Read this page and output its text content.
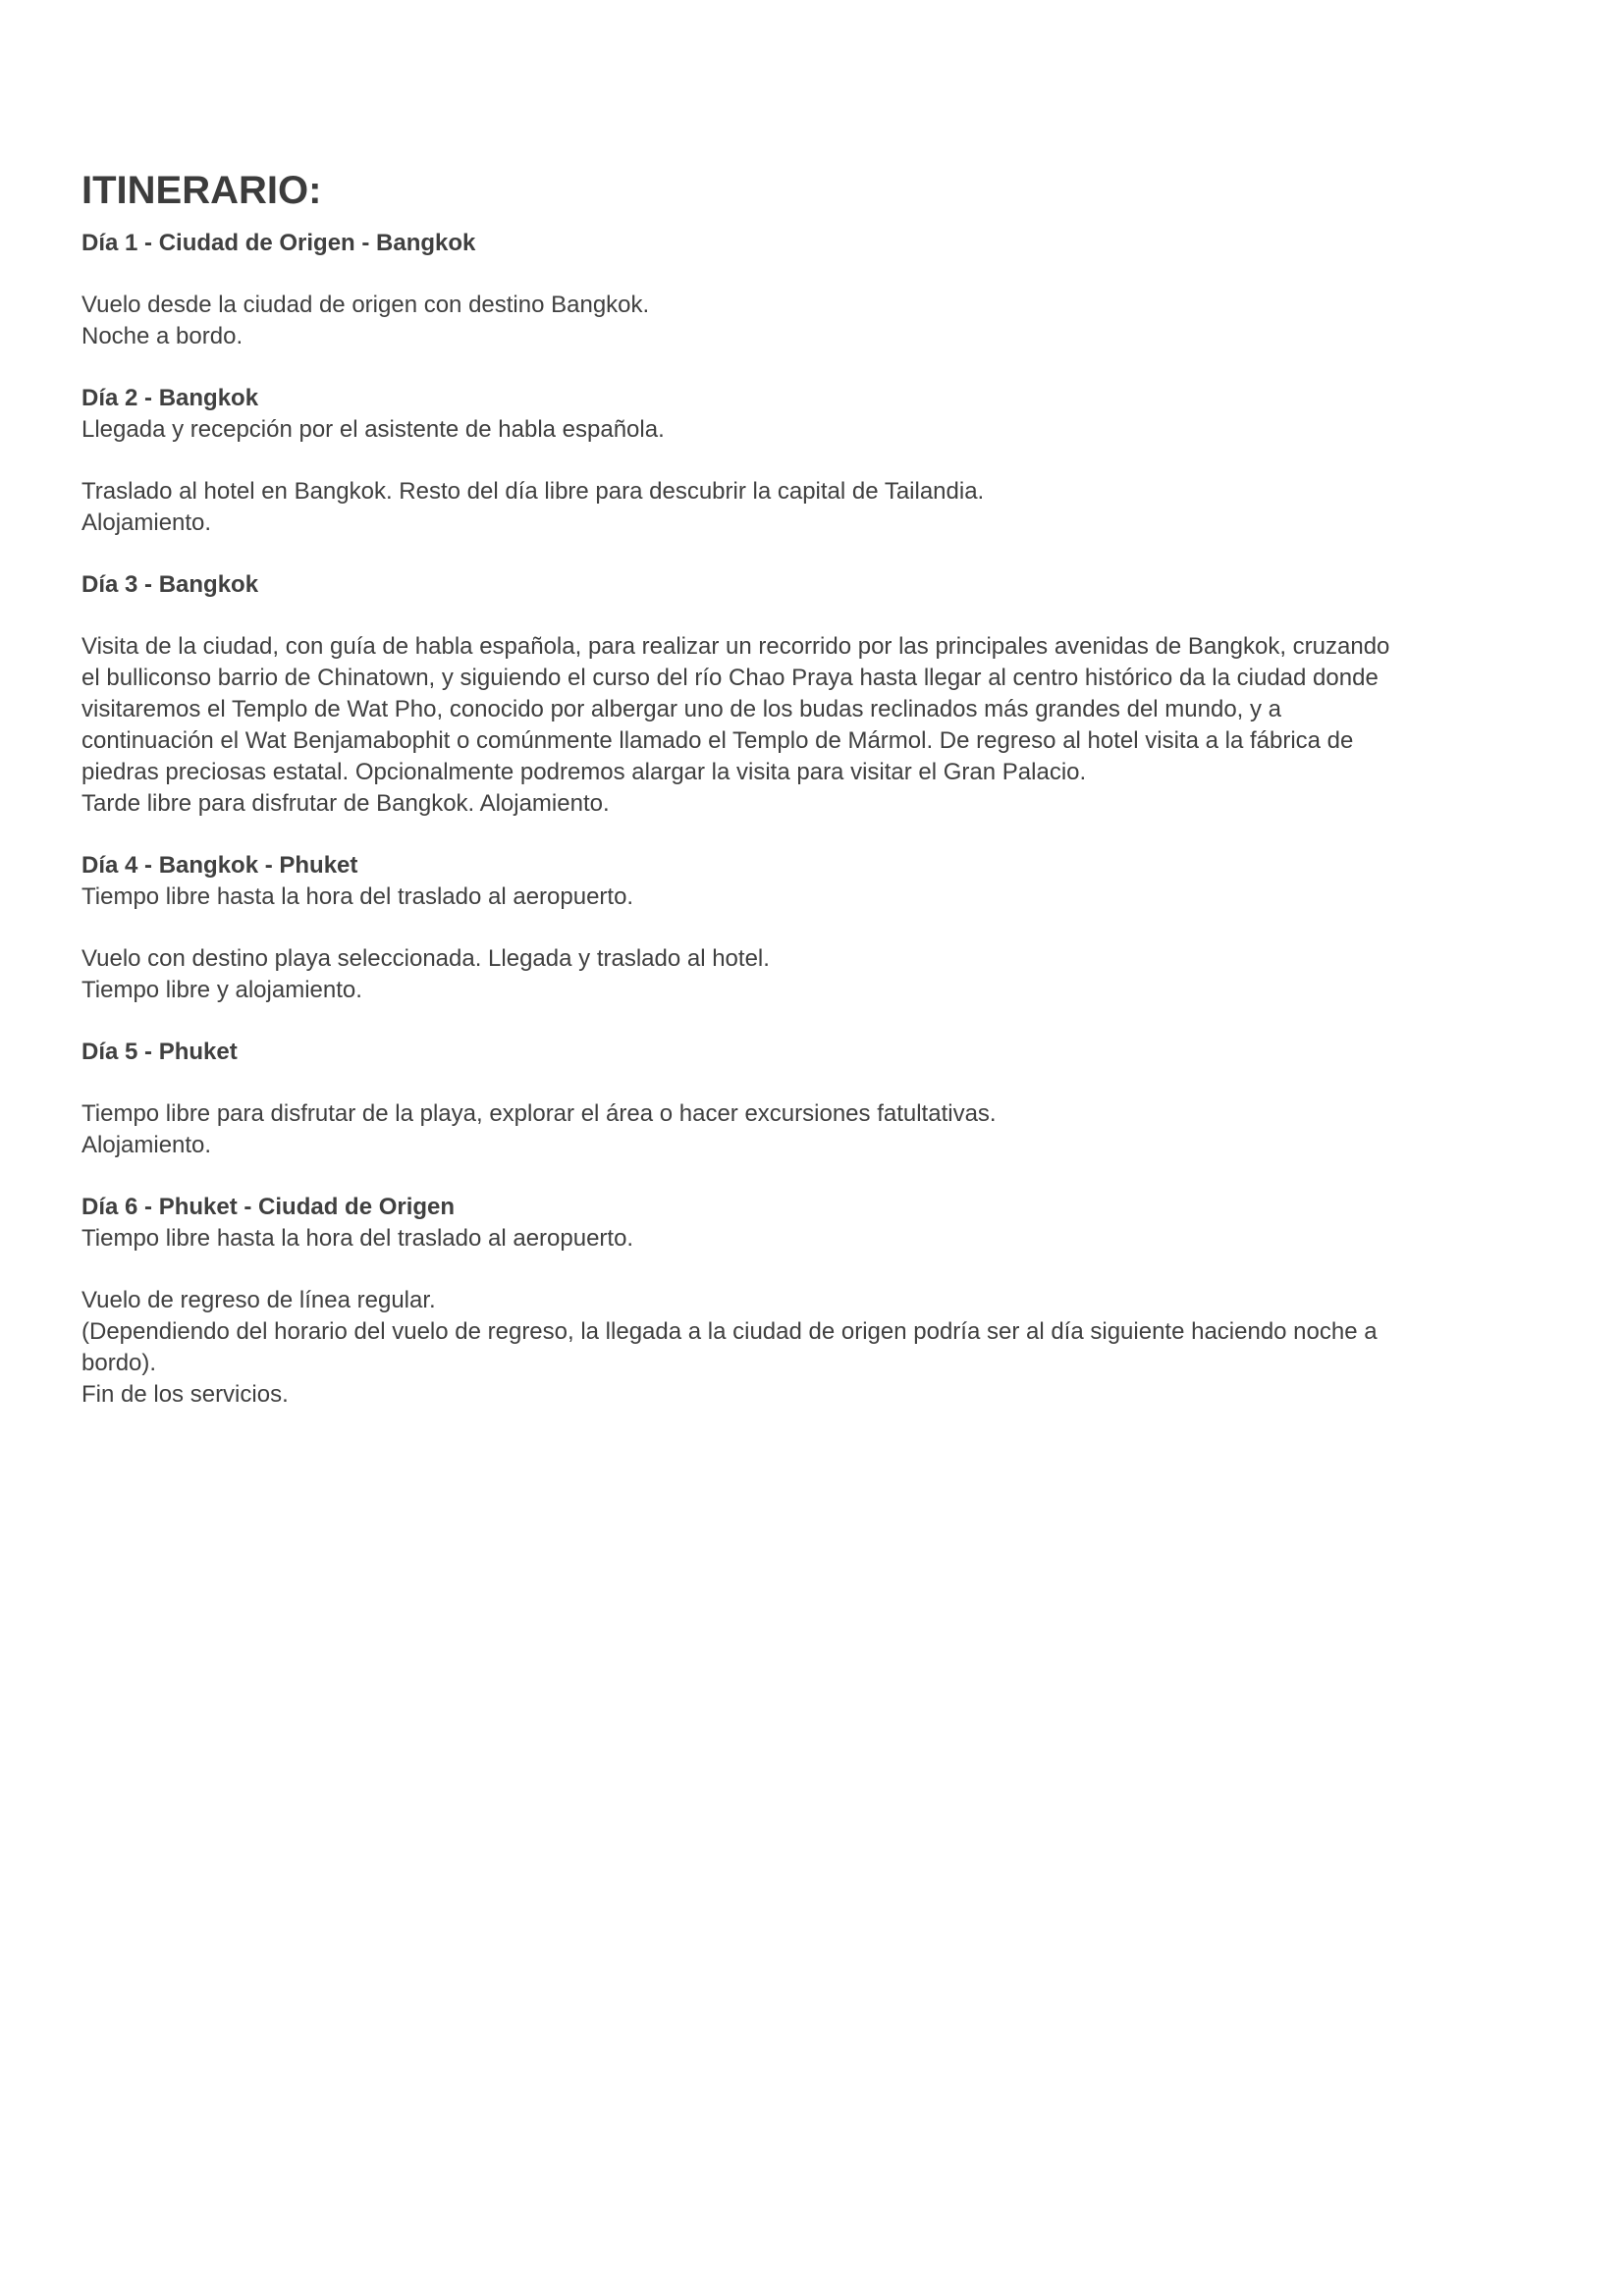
ITINERARIO:
Día 1 - Ciudad de Origen - Bangkok
Vuelo desde la ciudad de origen con destino Bangkok.
Noche a bordo.
Día 2 - Bangkok
Llegada y recepción por el asistente de habla española.
Traslado al hotel en Bangkok. Resto del día libre para descubrir la capital de Tailandia.
Alojamiento.
Día 3 - Bangkok
Visita de la ciudad, con guía de habla española, para realizar un recorrido por las principales avenidas de Bangkok, cruzando
el bulliconso barrio de Chinatown, y siguiendo el curso del río Chao Praya hasta llegar al centro histórico da la ciudad donde
visitaremos el Templo de Wat Pho, conocido por albergar uno de los budas reclinados más grandes del mundo, y a
continuación el Wat Benjamabophit o comúnmente llamado el Templo de Mármol. De regreso al hotel visita a la fábrica de
piedras preciosas estatal. Opcionalmente podremos alargar la visita para visitar el Gran Palacio.
Tarde libre para disfrutar de Bangkok. Alojamiento.
Día 4 - Bangkok - Phuket
Tiempo libre hasta la hora del traslado al aeropuerto.
Vuelo con destino playa seleccionada. Llegada y traslado al hotel.
Tiempo libre y alojamiento.
Día 5 - Phuket
Tiempo libre para disfrutar de la playa, explorar el área o hacer excursiones fatultativas.
Alojamiento.
Día 6 - Phuket - Ciudad de Origen
Tiempo libre hasta la hora del traslado al aeropuerto.
Vuelo de regreso de línea regular.
(Dependiendo del horario del vuelo de regreso, la llegada a la ciudad de origen podría ser al día siguiente haciendo noche a
bordo).
Fin de los servicios.
